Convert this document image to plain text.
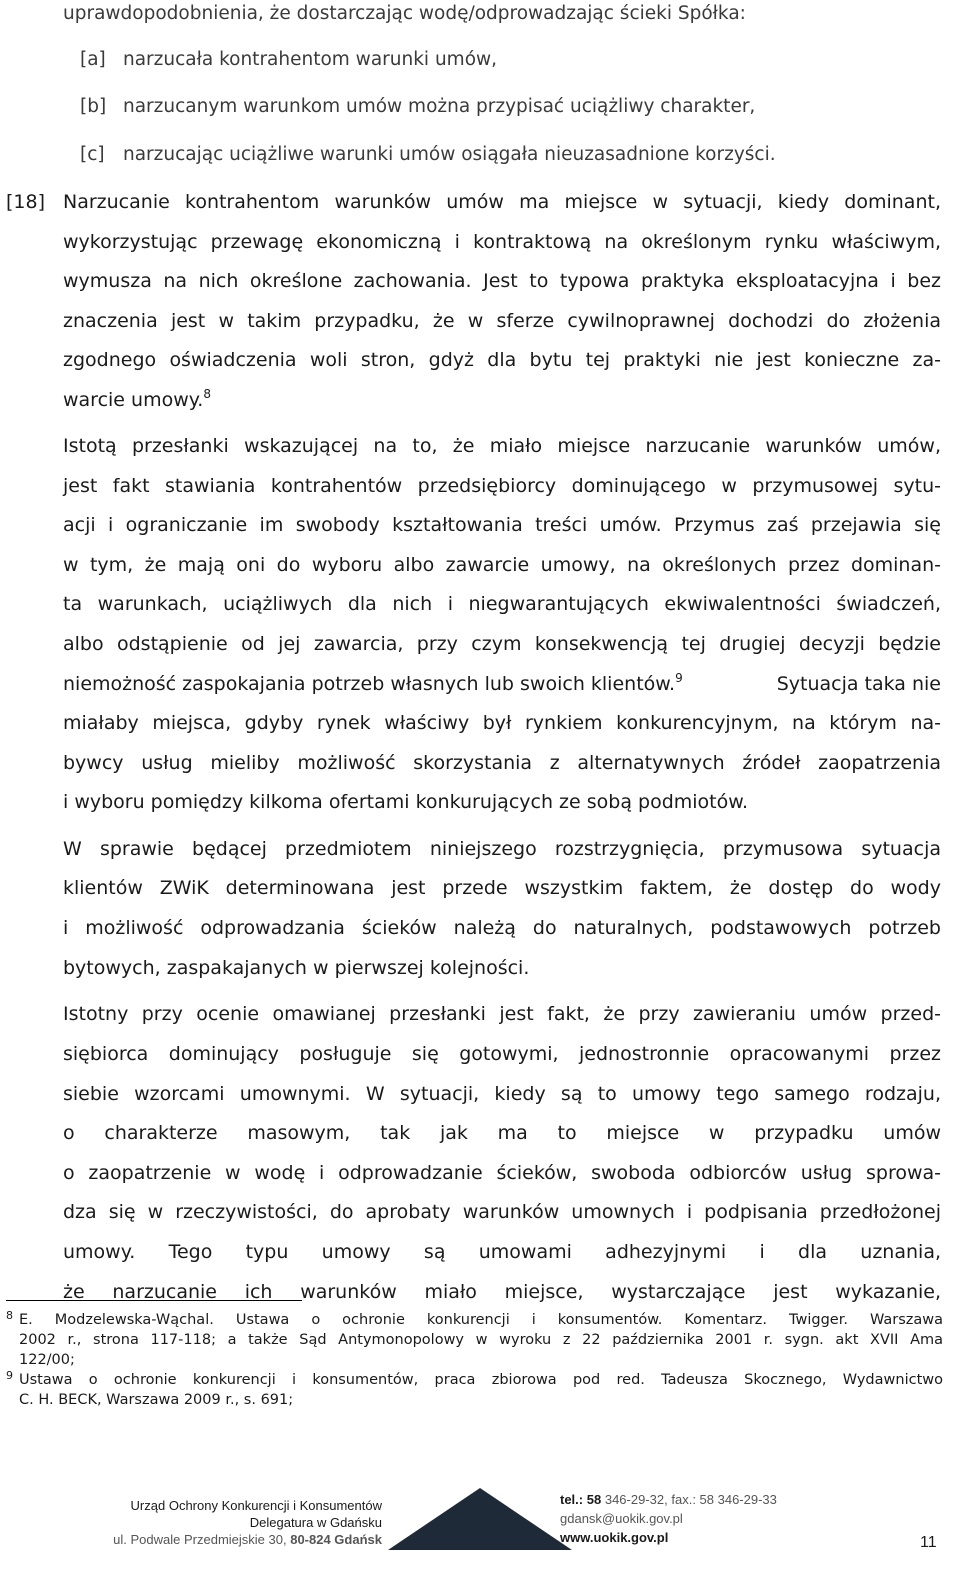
uprawdopodobnienia, że dostarczając wodę/odprowadzając ścieki Spółka:
[a] narzucała kontrahentom warunki umów,
[b] narzucanym warunkom umów można przypisać uciążliwy charakter,
[c] narzucając uciążliwe warunki umów osiągała nieuzasadnione korzyści.
[18] Narzucanie kontrahentom warunków umów ma miejsce w sytuacji, kiedy dominant,
wykorzystując przewagę ekonomiczną i kontraktową na określonym rynku właściwym,
wymusza na nich określone zachowania. Jest to typowa praktyka eksploatacyjna i bez
znaczenia jest w takim przypadku, że w sferze cywilnoprawnej dochodzi do złożenia
zgodnego oświadczenia woli stron, gdyż dla bytu tej praktyki nie jest konieczne za-
warcie umowy.$^8$
Istotą przesłanki wskazującej na to, że miało miejsce narzucanie warunków umów,
jest fakt stawiania kontrahentów przedsiębiorcy dominującego w przymusowej sytu-
acji i ograniczanie im swobody kształtowania treści umów. Przymus zaś przejawia się
w tym, że mają oni do wyboru albo zawarcie umowy, na określonych przez dominan-
ta warunkach, uciążliwych dla nich i niegwarantujących ekwiwalentności świadczeń,
albo odstąpienie od jej zawarcia, przy czym konsekwencją tej drugiej decyzji będzie
niemożność zaspokajania potrzeb własnych lub swoich klientów.$^9$	Sytuacja taka nie
miałaby miejsca, gdyby rynek właściwy był rynkiem konkurencyjnym, na którym na-
bywcy usług mieliby możliwość skorzystania z alternatywnych źródeł zaopatrzenia
i wyboru pomiędzy kilkoma ofertami konkurujących ze sobą podmiotów.
W sprawie będącej przedmiotem niniejszego rozstrzygnięcia, przymusowa sytuacja
klientów ZWiK determinowana jest przede wszystkim faktem, że dostęp do wody
i możliwość odprowadzania ścieków należą do naturalnych, podstawowych potrzeb
bytowych, zaspakajanych w pierwszej kolejności.
Istotny przy ocenie omawianej przesłanki jest fakt, że przy zawieraniu umów przed-
siębiorca dominujący posługuje się gotowymi, jednostronnie opracowanymi przez
siebie wzorcami umownymi. W sytuacji, kiedy są to umowy tego samego rodzaju,
o charakterze masowym, tak jak ma to miejsce w przypadku umów
o zaopatrzenie w wodę i odprowadzanie ścieków, swoboda odbiorców usług sprowa-
dza się w rzeczywistości, do aprobaty warunków umownych i podpisania przedłożonej
umowy. Tego typu umowy są umowami adhezyjnymi i dla uznania,
że narzucanie ich warunków miało miejsce, wystarczające jest wykazanie,
8 E. Modzelewska-Wąchal. Ustawa o ochronie konkurencji i konsumentów. Komentarz. Twigger. Warszawa
2002 r., strona 117-118; a także Sąd Antymonopolowy w wyroku z 22 października 2001 r. sygn. akt XVII Ama
122/00;
9 Ustawa o ochronie konkurencji i konsumentów, praca zbiorowa pod red. Tadeusza Skocznego, Wydawnictwo
C. H. BECK, Warszawa 2009 r., s. 691;
Urząd Ochrony Konkurencji i Konsumentów
Delegatura w Gdańsku
ul. Podwale Przedmiejskie 30, 80-824 Gdańsk
tel.: 58 346-29-32, fax.: 58 346-29-33
gdansk@uokik.gov.pl
www.uokik.gov.pl	11
